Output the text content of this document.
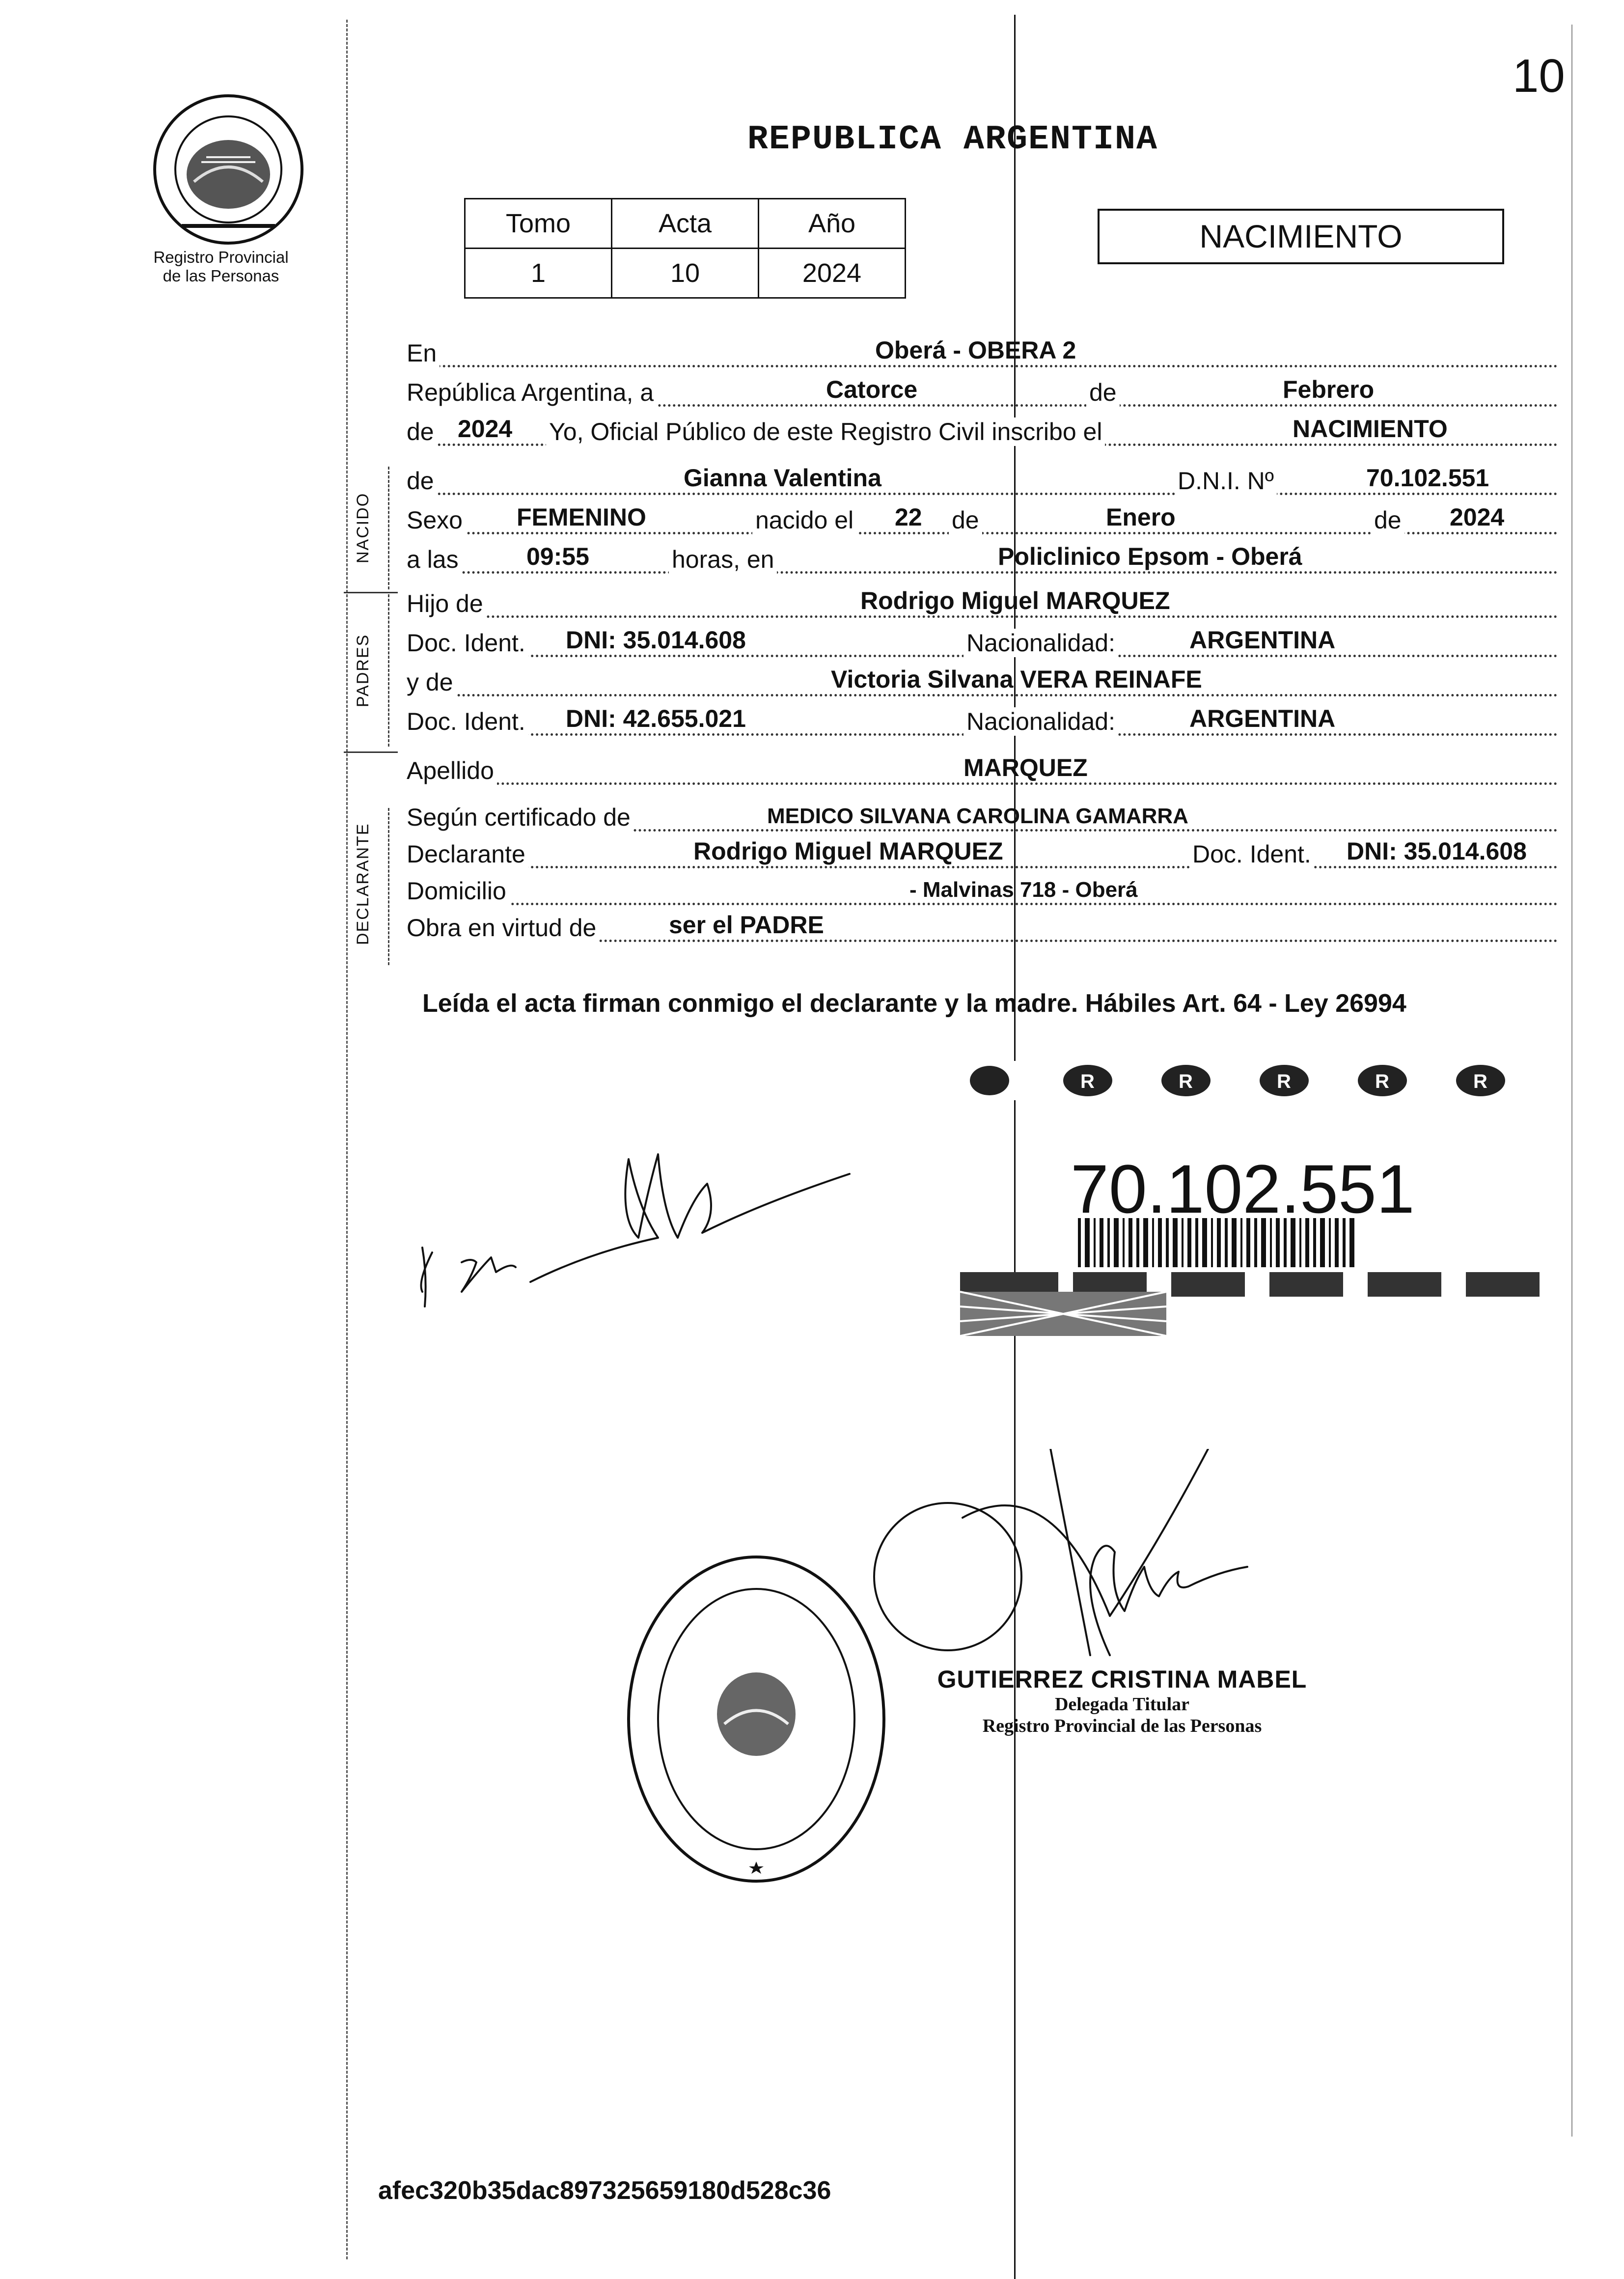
10
Registro Provincial
de las Personas
REPUBLICA ARGENTINA
Tomo	Acta	Año
1	10	2024
NACIMIENTO
En	Oberá - OBERA 2
República Argentina, a	Catorce	de	Febrero
de 2024 Yo, Oficial Público de este Registro Civil inscribo el	NACIMIENTO
de	Gianna Valentina	D.N.I. Nº	70.102.551
Sexo FEMENINO	nacido el 22 de	Enero	de 2024
a las	09:55	horas, en	Policlinico Epsom - Oberá
Hijo de	Rodrigo Miguel MARQUEZ
Doc. Ident. DNI: 35.014.608	Nacionalidad:	ARGENTINA
y de	Victoria Silvana VERA REINAFE
Doc. Ident. DNI: 42.655.021	Nacionalidad:	ARGENTINA
Apellido	MARQUEZ
Según certificado de	MEDICO SILVANA CAROLINA GAMARRA
Declarante	Rodrigo Miguel MARQUEZ	Doc. Ident. DNI: 35.014.608
Domicilio	- Malvinas 718 - Oberá
Obra en virtud de	ser el PADRE
NACIDO
PADRES
DECLARANTE
Leída el acta firman conmigo el declarante y la madre. Hábiles Art. 64 - Ley 26994
R	R	R	R	R
70.102.551
GUTIERREZ CRISTINA MABEL
Delegada Titular
Registro Provincial de las Personas
afec320b35dac897325659180d528c36
